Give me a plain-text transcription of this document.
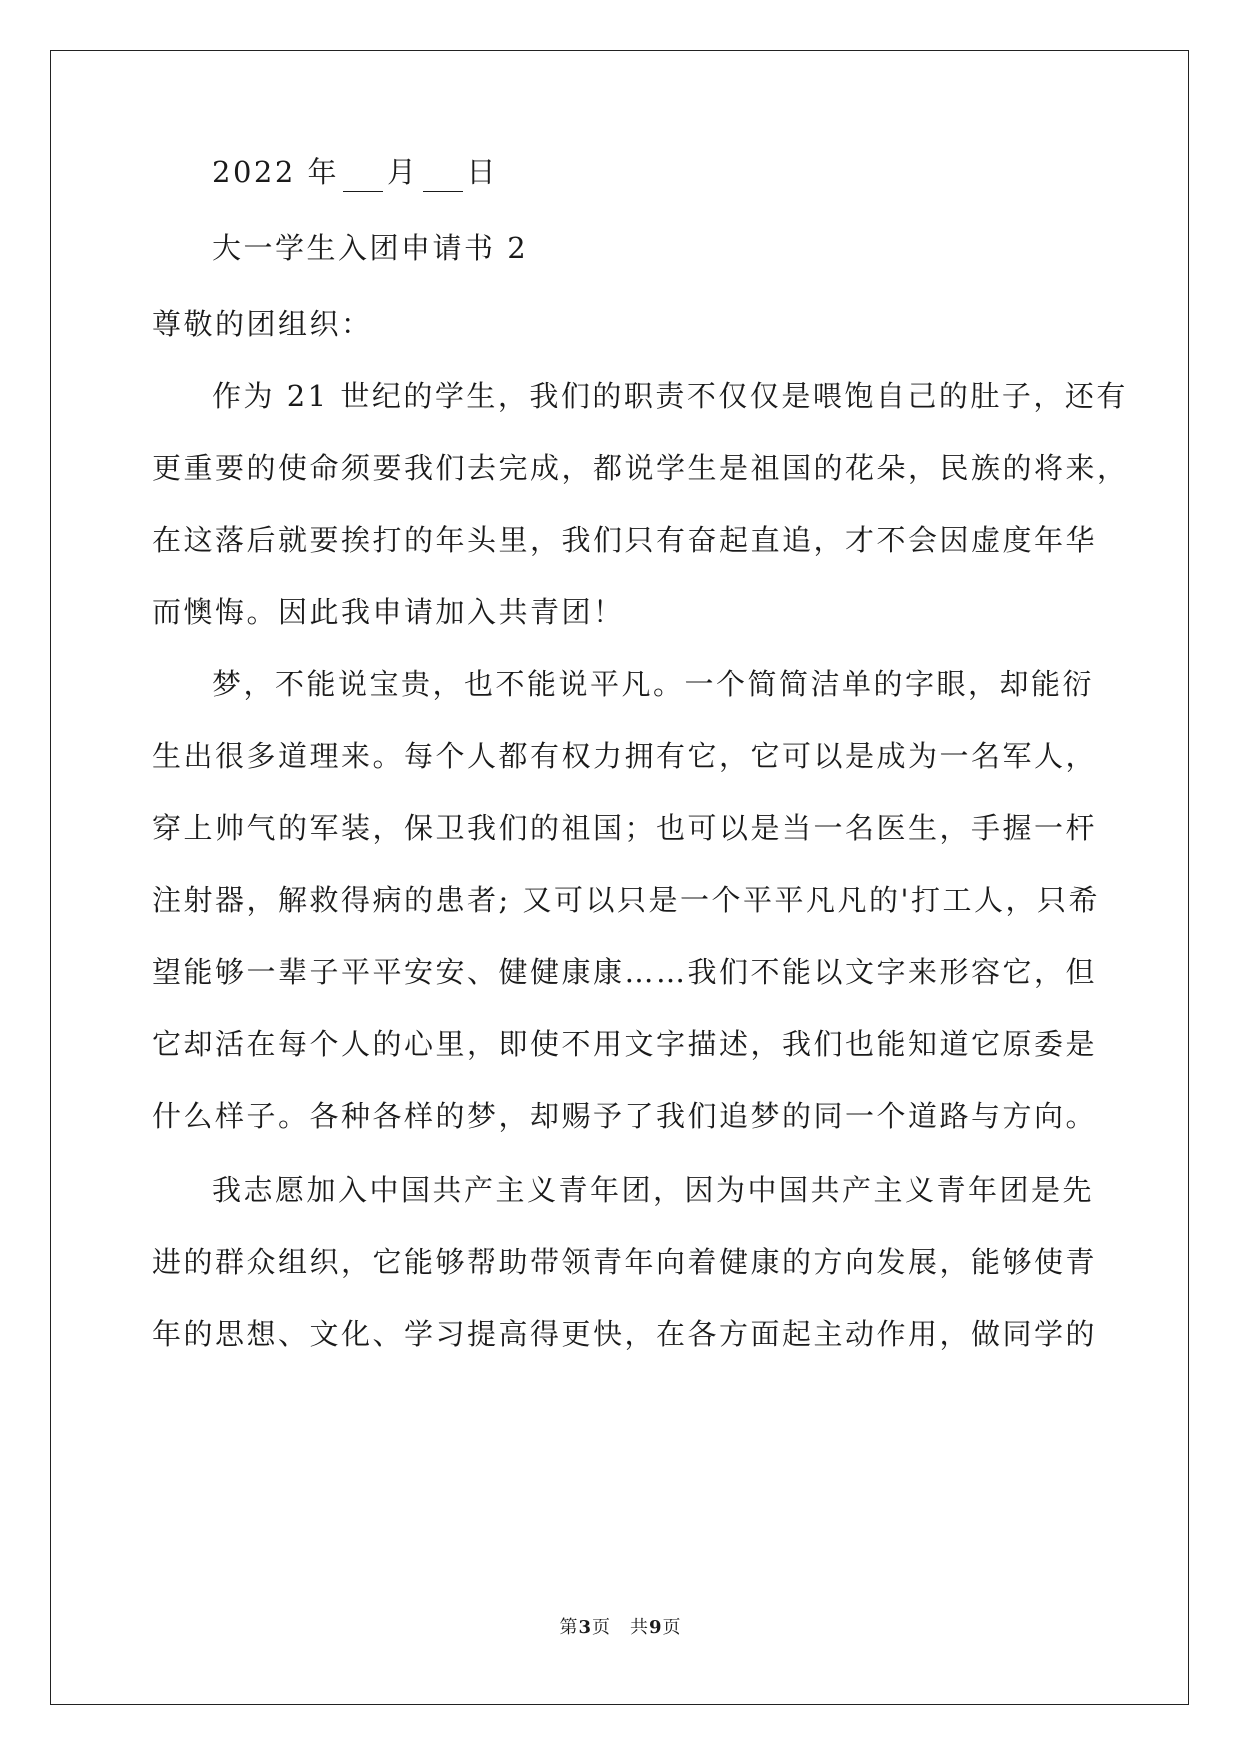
2022 年 月 日
大一学生入团申请书 2
尊敬的团组织：
作为 21 世纪的学生，我们的职责不仅仅是喂饱自己的肚子，还有
更重要的使命须要我们去完成，都说学生是祖国的花朵，民族的将来，
在这落后就要挨打的年头里，我们只有奋起直追，才不会因虚度年华
而懊悔。因此我申请加入共青团！
梦，不能说宝贵，也不能说平凡。一个简简洁单的字眼，却能衍
生出很多道理来。每个人都有权力拥有它，它可以是成为一名军人，
穿上帅气的军装，保卫我们的祖国；也可以是当一名医生，手握一杆
注射器，解救得病的患者; 又可以只是一个平平凡凡的'打工人，只希
望能够一辈子平平安安、健健康康……我们不能以文字来形容它，但
它却活在每个人的心里，即使不用文字描述，我们也能知道它原委是
什么样子。各种各样的梦，却赐予了我们追梦的同一个道路与方向。
我志愿加入中国共产主义青年团，因为中国共产主义青年团是先
进的群众组织，它能够帮助带领青年向着健康的方向发展，能够使青
年的思想、文化、学习提高得更快，在各方面起主动作用，做同学的
第3页　共9页
